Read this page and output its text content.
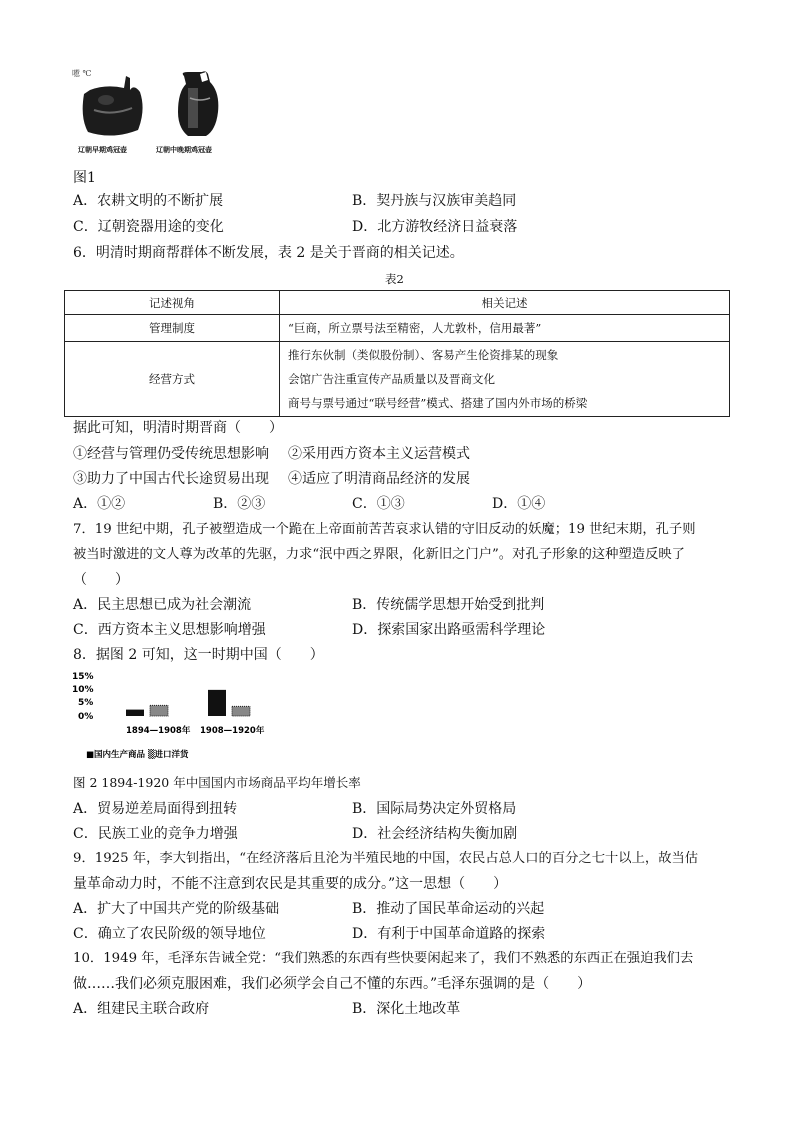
㘃 ℃
辽朝早期鸡冠壶	辽朝中晚期鸡冠壶
图1
A．农耕文明的不断扩展	B．契丹族与汉族审美趋同
C．辽朝瓷器用途的变化	D．北方游牧经济日益衰落
6．明清时期商帮群体不断发展，表 2 是关于晋商的相关记述。
表2
记述视角	相关记述
管理制度	“巨商，所立票号法至精密，人尤敦朴，信用最著”
经营方式	推行东伙制（类似股份制）、客易产生伦资排某的现象
会馆广告注重宣传产品质量以及晋商文化
商号与票号通过“联号经营”模式、搭建了国内外市场的桥梁
据此可知，明清时期晋商（　　）
①经营与管理仍受传统思想影响 ②采用西方资本主义运营模式
③助力了中国古代长途贸易出现 ④适应了明清商品经济的发展
A．①②	B．②③	C．①③	D．①④
7．19 世纪中期，孔子被塑造成一个跪在上帝面前苦苦哀求认错的守旧反动的妖魔；19 世纪末期，孔子则
被当时激进的文人尊为改革的先驱，力求“泯中西之界限，化新旧之门户”。对孔子形象的这种塑造反映了
（　　）
A．民主思想已成为社会潮流	B．传统儒学思想开始受到批判
C．西方资本主义思想影响增强	D．探索国家出路亟需科学理论
8．据图 2 可知，这一时期中国（　　）
15%
10%
5%
0%
1894—1908年 1908—1920年
■国内生产商品 ▒进口洋货
图 2 1894-1920 年中国国内市场商品平均年增长率
A．贸易逆差局面得到扭转	B．国际局势决定外贸格局
C．民族工业的竞争力增强	D．社会经济结构失衡加剧
9．1925 年，李大钊指出，“在经济落后且沦为半殖民地的中国，农民占总人口的百分之七十以上，故当估
量革命动力时，不能不注意到农民是其重要的成分。”这一思想（　　）
A．扩大了中国共产党的阶级基础	B．推动了国民革命运动的兴起
C．确立了农民阶级的领导地位	D．有利于中国革命道路的探索
10．1949 年，毛泽东告诫全党：“我们熟悉的东西有些快要闲起来了，我们不熟悉的东西正在强迫我们去
做……我们必须克服困难，我们必须学会自己不懂的东西。”毛泽东强调的是（　　）
A．组建民主联合政府	B．深化土地改革
